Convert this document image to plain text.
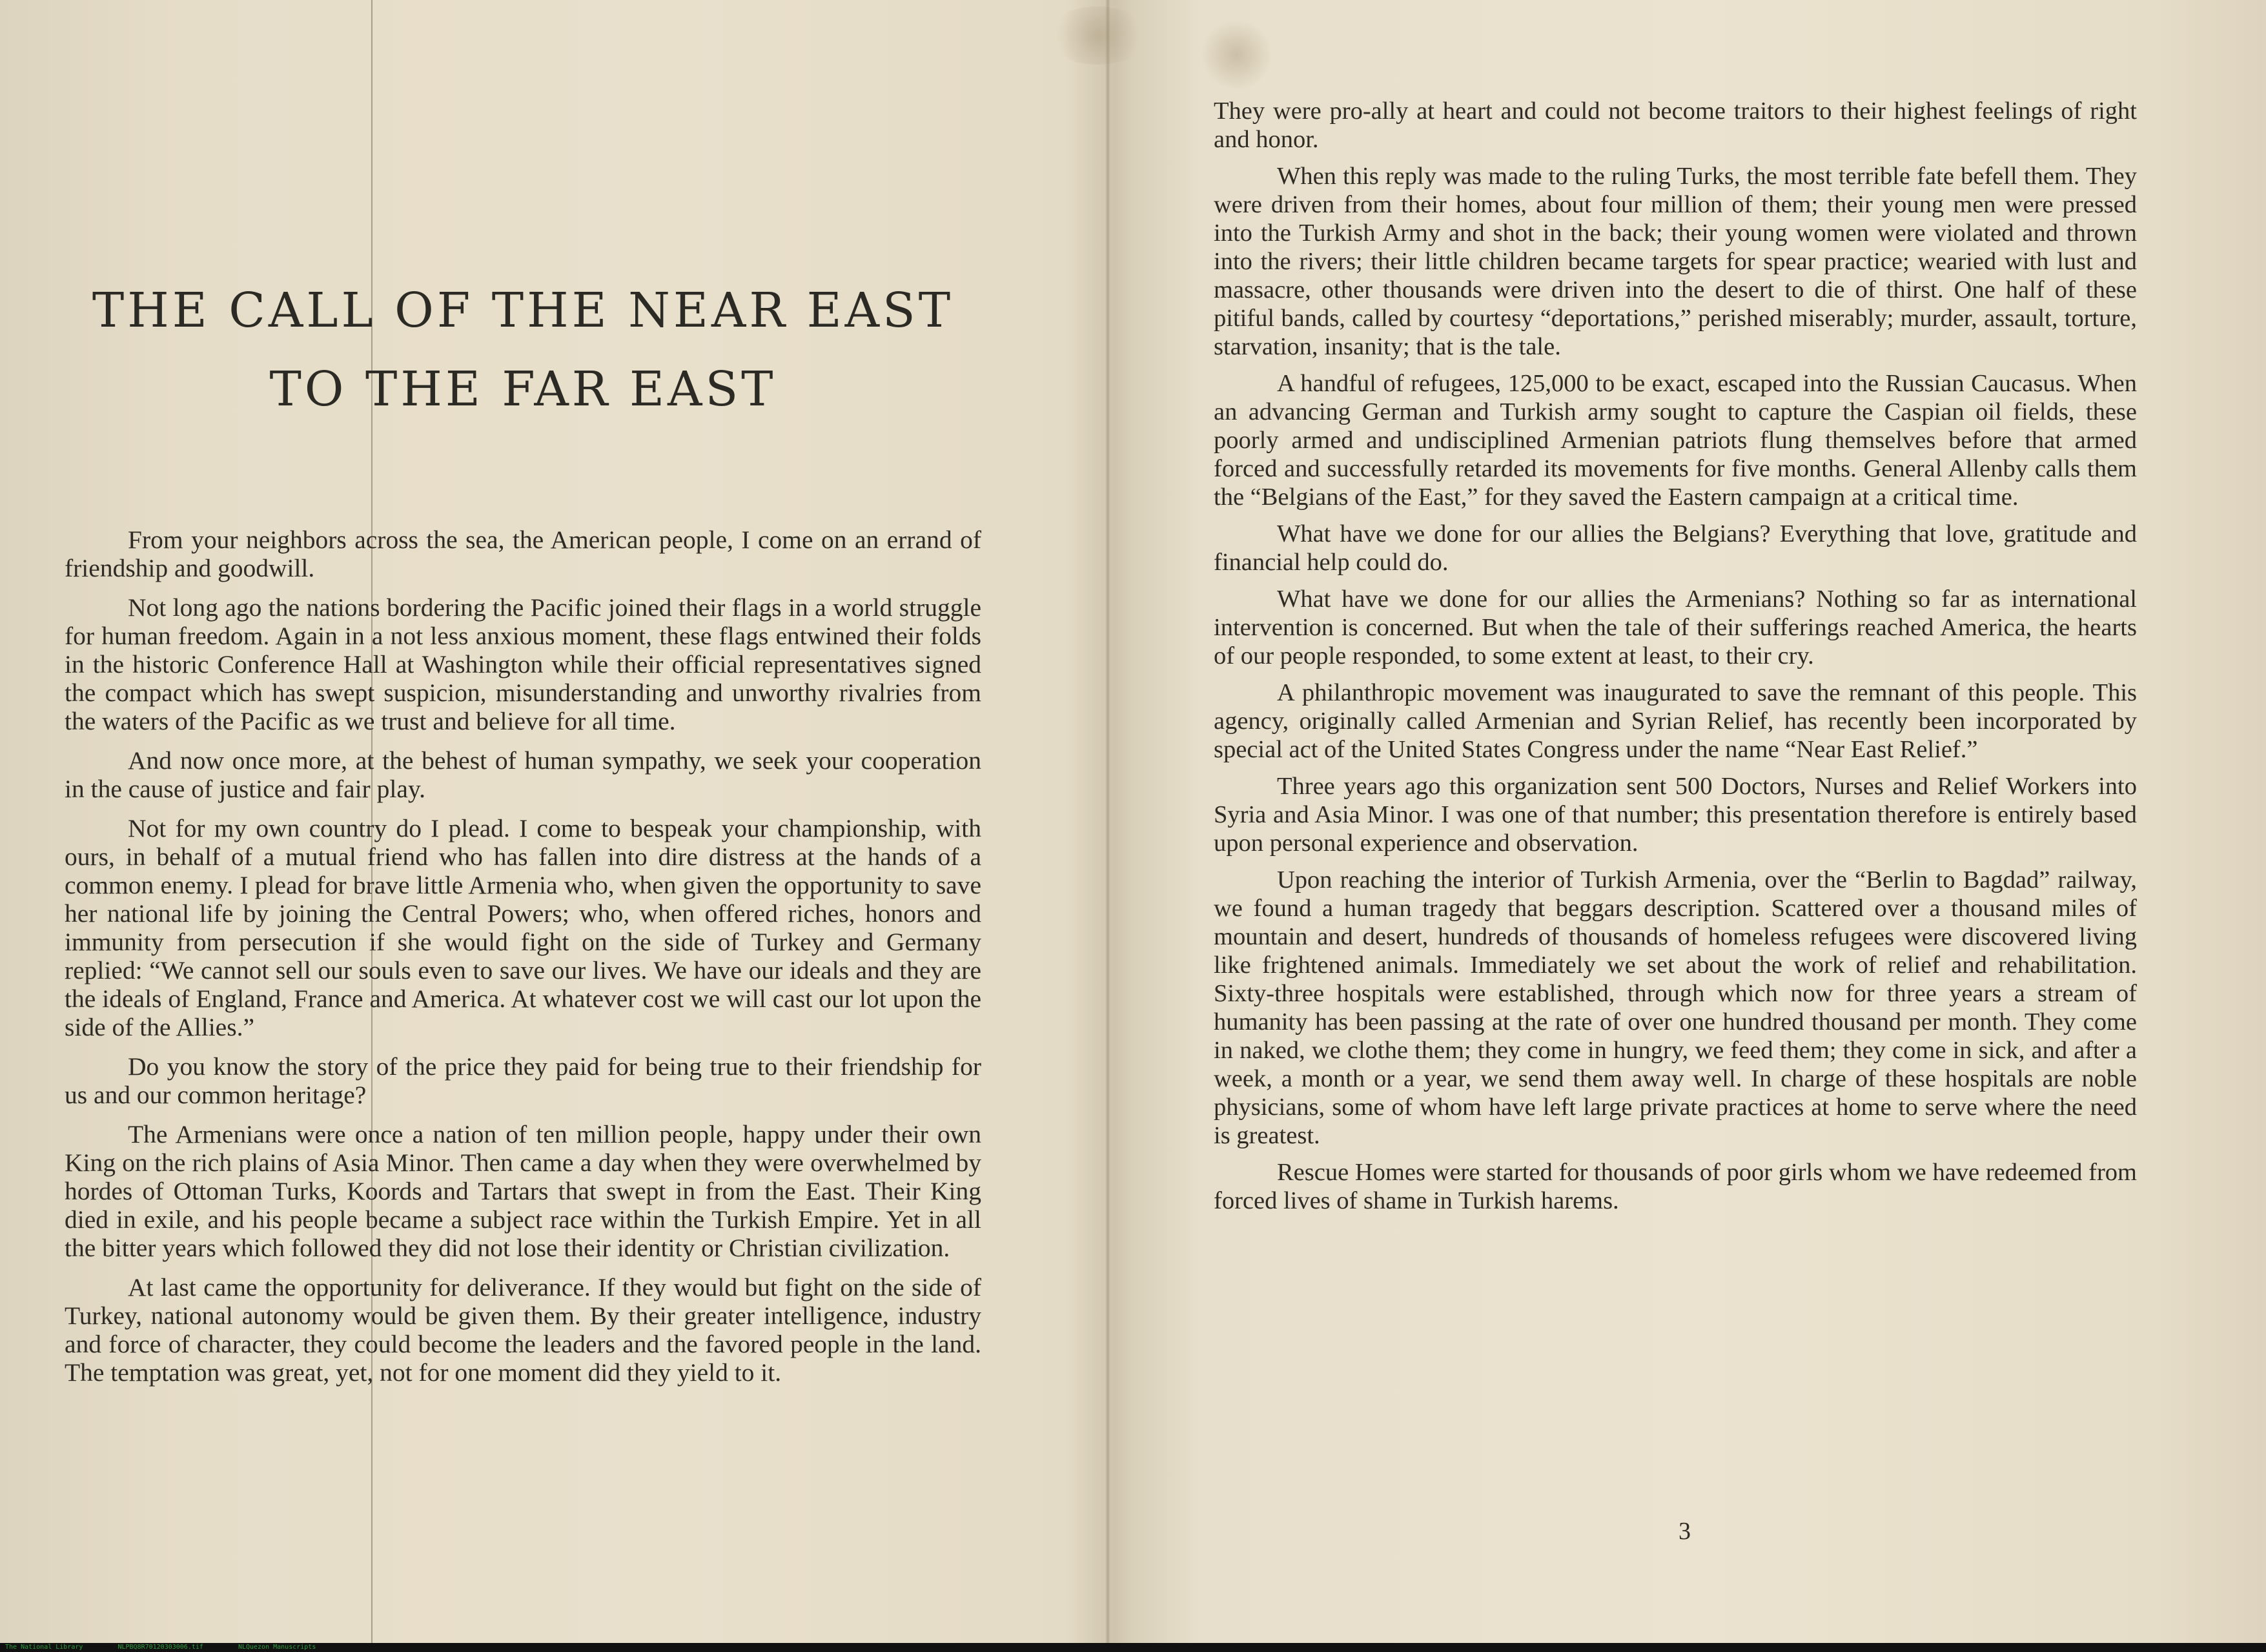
THE CALL OF THE NEAR EAST
TO THE FAR EAST

From your neighbors across the sea, the American people, I come on an errand of friendship and goodwill.

Not long ago the nations bordering the Pacific joined their flags in a world struggle for human freedom. Again in a not less anxious moment, these flags entwined their folds in the historic Conference Hall at Washington while their official representatives signed the compact which has swept suspicion, misunderstanding and unworthy rivalries from the waters of the Pacific as we trust and believe for all time.

And now once more, at the behest of human sympathy, we seek your cooperation in the cause of justice and fair play.

Not for my own country do I plead. I come to bespeak your championship, with ours, in behalf of a mutual friend who has fallen into dire distress at the hands of a common enemy. I plead for brave little Armenia who, when given the opportunity to save her national life by joining the Central Powers; who, when offered riches, honors and immunity from persecution if she would fight on the side of Turkey and Germany replied: “We cannot sell our souls even to save our lives. We have our ideals and they are the ideals of England, France and America. At whatever cost we will cast our lot upon the side of the Allies.”

Do you know the story of the price they paid for being true to their friendship for us and our common heritage?

The Armenians were once a nation of ten million people, happy under their own King on the rich plains of Asia Minor. Then came a day when they were overwhelmed by hordes of Ottoman Turks, Koords and Tartars that swept in from the East. Their King died in exile, and his people became a subject race within the Turkish Empire. Yet in all the bitter years which followed they did not lose their identity or Christian civilization.

At last came the opportunity for deliverance. If they would but fight on the side of Turkey, national autonomy would be given them. By their greater intelligence, industry and force of character, they could become the leaders and the favored people in the land. The temptation was great, yet, not for one moment did they yield to it.

They were pro-ally at heart and could not become traitors to their highest feelings of right and honor.

When this reply was made to the ruling Turks, the most terrible fate befell them. They were driven from their homes, about four million of them; their young men were pressed into the Turkish Army and shot in the back; their young women were violated and thrown into the rivers; their little children became targets for spear practice; wearied with lust and massacre, other thousands were driven into the desert to die of thirst. One half of these pitiful bands, called by courtesy “deportations,” perished miserably; murder, assault, torture, starvation, insanity; that is the tale.

A handful of refugees, 125,000 to be exact, escaped into the Russian Caucasus. When an advancing German and Turkish army sought to capture the Caspian oil fields, these poorly armed and undisciplined Armenian patriots flung themselves before that armed forced and successfully retarded its movements for five months. General Allenby calls them the “Belgians of the East,” for they saved the Eastern campaign at a critical time.

What have we done for our allies the Belgians? Everything that love, gratitude and financial help could do.

What have we done for our allies the Armenians? Nothing so far as international intervention is concerned. But when the tale of their sufferings reached America, the hearts of our people responded, to some extent at least, to their cry.

A philanthropic movement was inaugurated to save the remnant of this people. This agency, originally called Armenian and Syrian Relief, has recently been incorporated by special act of the United States Congress under the name “Near East Relief.”

Three years ago this organization sent 500 Doctors, Nurses and Relief Workers into Syria and Asia Minor. I was one of that number; this presentation therefore is entirely based upon personal experience and observation.

Upon reaching the interior of Turkish Armenia, over the “Berlin to Bagdad” railway, we found a human tragedy that beggars description. Scattered over a thousand miles of mountain and desert, hundreds of thousands of homeless refugees were discovered living like frightened animals. Immediately we set about the work of relief and rehabilitation. Sixty-three hospitals were established, through which now for three years a stream of humanity has been passing at the rate of over one hundred thousand per month. They come in naked, we clothe them; they come in hungry, we feed them; they come in sick, and after a week, a month or a year, we send them away well. In charge of these hospitals are noble physicians, some of whom have left large private practices at home to serve where the need is greatest.

Rescue Homes were started for thousands of poor girls whom we have redeemed from forced lives of shame in Turkish harems.

3
The National Library	NLPBQ8R70120303006.tif	NLQuezon Manuscripts
